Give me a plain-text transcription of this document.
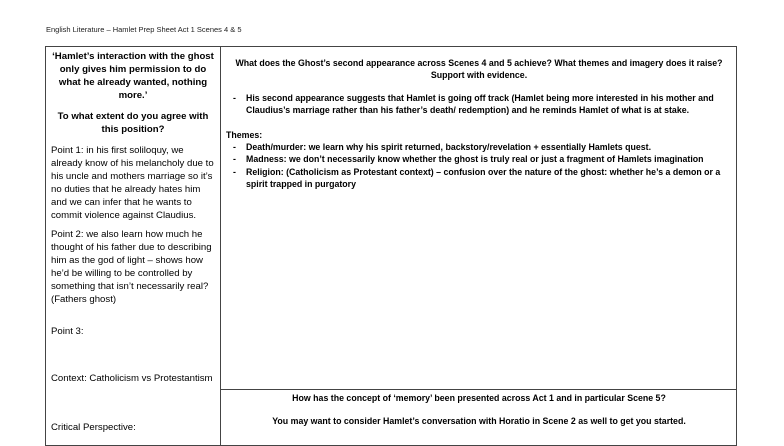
English Literature – Hamlet Prep Sheet Act 1 Scenes 4 & 5

‘Hamlet’s interaction with the ghost only gives him permission to do what he already wanted, nothing more.’

To what extent do you agree with this position?

Point 1: in his first soliloquy, we already know of his melancholy due to his uncle and mothers marriage so it’s no duties that he already hates him and we can infer that he wants to commit violence against Claudius.

Point 2: we also learn how much he thought of his father due to describing him as the god of light – shows how he’d be willing to be controlled by something that isn’t necessarily real? (Fathers ghost)

Point 3:

Context: Catholicism vs Protestantism

Critical Perspective:

What does the Ghost’s second appearance across Scenes 4 and 5 achieve? What themes and imagery does it raise? Support with evidence.

-	His second appearance suggests that Hamlet is going off track (Hamlet being more interested in his mother and Claudius’s marriage rather than his father’s death/ redemption) and he reminds Hamlet of what is at stake.

Themes:

-	Death/murder: we learn why his spirit returned, backstory/revelation + essentially Hamlets quest.
-	Madness: we don’t necessarily know whether the ghost is truly real or just a fragment of Hamlets imagination
-	Religion: (Catholicism as Protestant context) – confusion over the nature of the ghost: whether he’s a demon or a spirit trapped in purgatory

How has the concept of ‘memory’ been presented across Act 1 and in particular Scene 5?

You may want to consider Hamlet’s conversation with Horatio in Scene 2 as well to get you started.
